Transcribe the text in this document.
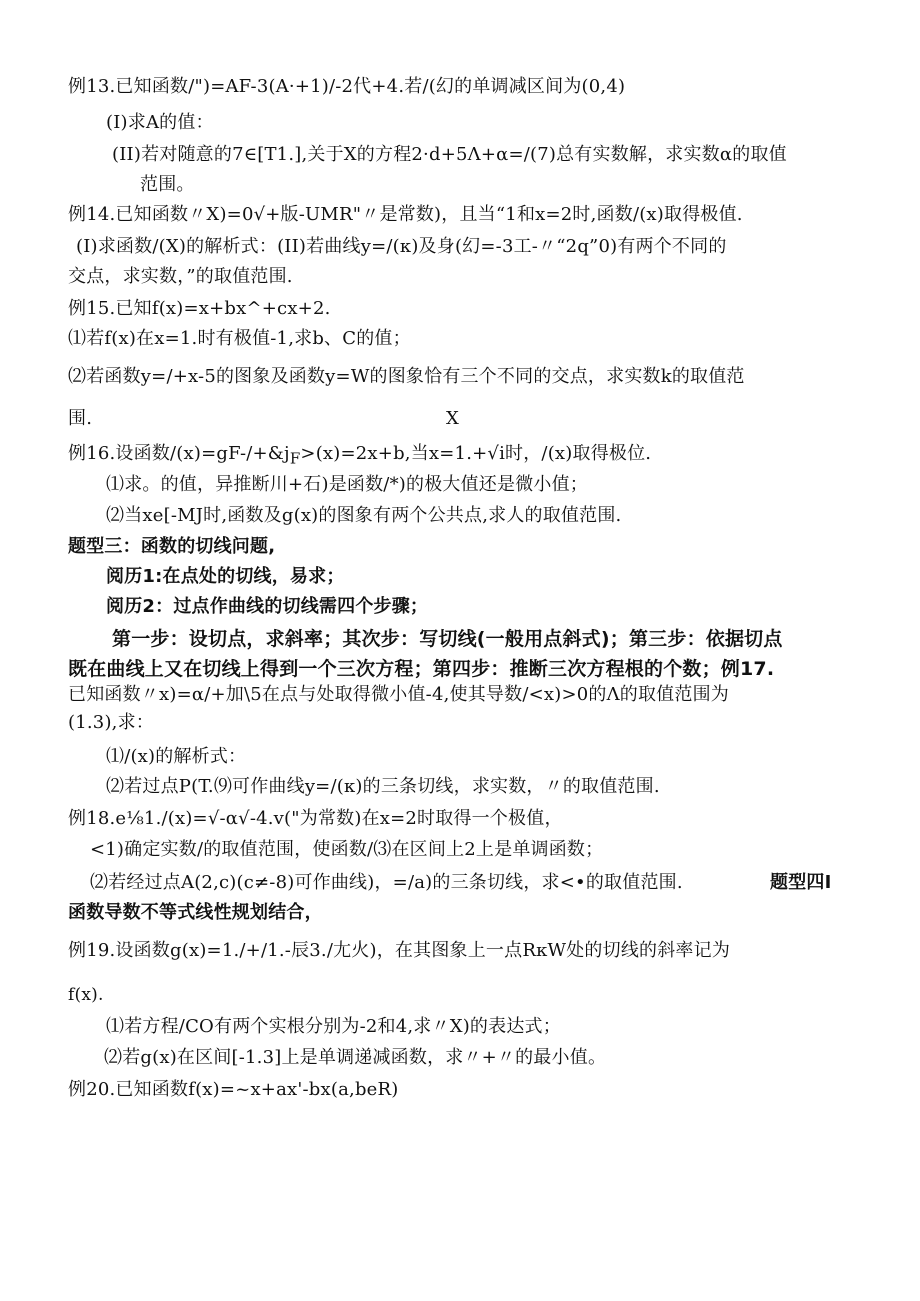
例13.已知函数/")=AF-3(A·+1)/-2代+4.若/(幻的单调减区间为(0,4)
(I)求A的值：
(II)若对随意的7∈[T1.],关于X的方程2·d+5Λ+α=/(7)总有实数解，求实数α的取值
范围。
例14.已知函数〃X)=0√+版-UMR"〃是常数)，且当“1和x=2时,函数/(x)取得极值.
(I)求函数/(X)的解析式：(II)若曲线y=/(κ)及身(幻=-3工-〃“2q”0)有两个不同的
交点，求实数，”的取值范围.
例15.已知f(x)=x+bx^+cx+2.
⑴若f(x)在x=1.时有极值-1,求b、C的值；
⑵若函数y=/+x-5的图象及函数y=W的图象恰有三个不同的交点，求实数k的取值范
围.	X
例16.设函数$/(x)=gF-/+\&j_F>(x)=2x+b$,当x=1.+√i时，/(x)取得极位.
⑴求。的值，异推断川+石)是函数/*)的极大值还是微小值；
⑵当xe[-MJ时,函数及g(x)的图象有两个公共点,求人的取值范围.
题型三：函数的切线问题,
阅历1:在点处的切线，易求；
阅历2：过点作曲线的切线需四个步骤；
第一步：设切点，求斜率；其次步：写切线(一般用点斜式)；第三步：依据切点
既在曲线上又在切线上得到一个三次方程；第四步：推断三次方程根的个数；例17.
已知函数〃x)=α/+加\5在点与处取得微小值-4,使其导数/<x)>0的Λ的取值范围为
(1.3),求：
⑴/(x)的解析式：
⑵若过点P(T.⑼可作曲线y=/(κ)的三条切线，求实数，〃的取值范围.
例18.e⅛1./(x)=√-α√-4.v("为常数)在x=2时取得一个极值，
<1)确定实数/的取值范围，使函数/⑶在区间上2上是单调函数；
⑵若经过点A(2,c)(c≠-8)可作曲线)，=/a)的三条切线，求<•的取值范围.	题型四I
函数导数不等式线性规划结合，
例19.设函数g(x)=1./+/1.-辰3./尢火)，在其图象上一点RκW处的切线的斜率记为
f(x).
⑴若方程/CO有两个实根分别为-2和4,求〃X)的表达式；
⑵若g(x)在区间[-1.3]上是单调递减函数，求〃+〃的最小值。
例20.已知函数f(x)=~x+ax'-bx(a,beR)
